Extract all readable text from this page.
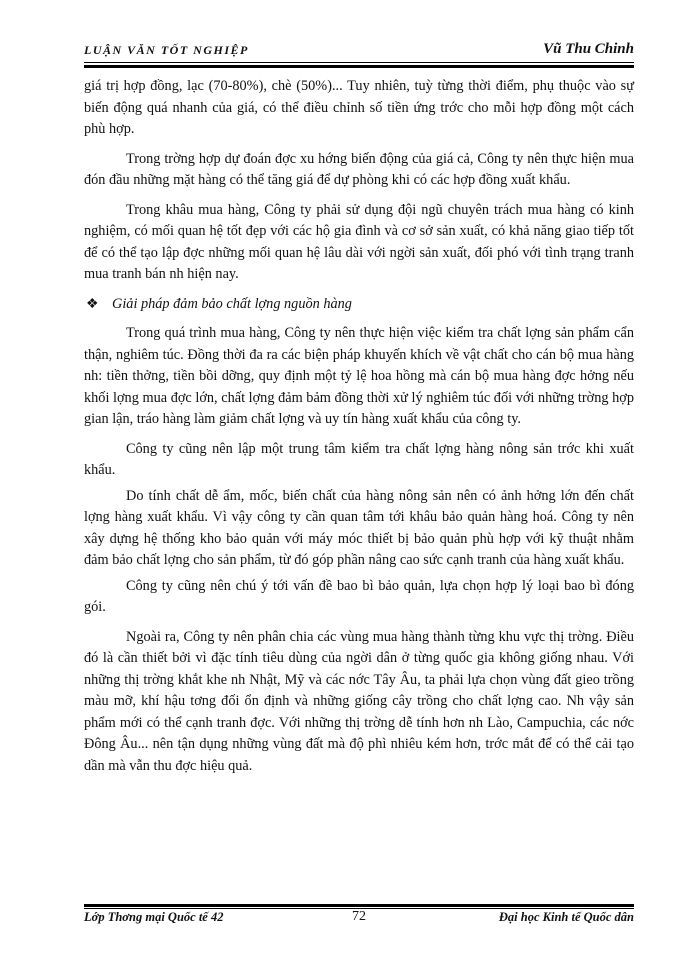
LUẬN VĂN TỐT NGHIỆP	Vũ Thu Chinh

giá trị hợp đồng, lạc (70-80%), chè (50%)... Tuy nhiên, tuỳ từng thời điểm, phụ thuộc vào sự biến động quá nhanh của giá, có thể điều chỉnh số tiền ứng trớc cho mỗi hợp đồng một cách phù hợp.

Trong trờng hợp dự đoán đợc xu hớng biến động của giá cả, Công ty nên thực hiện mua đón đầu những mặt hàng có thể tăng giá để dự phòng khi có các hợp đồng xuất khẩu.

Trong khâu mua hàng, Công ty phải sử dụng đội ngũ chuyên trách mua hàng có kinh nghiệm, có mối quan hệ tốt đẹp với các hộ gia đình và cơ sở sản xuất, có khả năng giao tiếp tốt để có thể tạo lập đợc những mối quan hệ lâu dài với ngời sản xuất, đối phó với tình trạng tranh mua tranh bán nh hiện nay.

❖ Giải pháp đảm bảo chất lợng nguồn hàng

Trong quá trình mua hàng, Công ty nên thực hiện việc kiểm tra chất lợng sản phẩm cẩn thận, nghiêm túc. Đồng thời đa ra các biện pháp khuyến khích về vật chất cho cán bộ mua hàng nh: tiền thởng, tiền bồi dỡng, quy định một tỷ lệ hoa hồng mà cán bộ mua hàng đợc hởng nếu khối lợng mua đợc lớn, chất lợng đảm bảm đồng thời xử lý nghiêm túc đối với những trờng hợp gian lận, tráo hàng làm giảm chất lợng và uy tín hàng xuất khẩu của công ty.

Công ty cũng nên lập một trung tâm kiểm tra chất lợng hàng nông sản trớc khi xuất khẩu.

Do tính chất dễ ẩm, mốc, biến chất của hàng nông sản nên có ảnh hởng lớn đến chất lợng hàng xuất khẩu. Vì vậy công ty cần quan tâm tới khâu bảo quản hàng hoá. Công ty nên xây dựng hệ thống kho bảo quản với máy móc thiết bị bảo quản phù hợp với kỹ thuật nhằm đảm bảo chất lợng cho sản phẩm, từ đó góp phần nâng cao sức cạnh tranh của hàng xuất khẩu.

Công ty cũng nên chú ý tới vấn đề bao bì bảo quản, lựa chọn hợp lý loại bao bì đóng gói.

Ngoài ra, Công ty nên phân chia các vùng mua hàng thành từng khu vực thị trờng. Điều đó là cần thiết bởi vì đặc tính tiêu dùng của ngời dân ở từng quốc gia không giống nhau. Với những thị trờng khắt khe nh Nhật, Mỹ và các nớc Tây Âu, ta phải lựa chọn vùng đất gieo trồng màu mỡ, khí hậu tơng đối ổn định và những giống cây trồng cho chất lợng cao. Nh vậy sản phẩm mới có thể cạnh tranh đợc. Với những thị trờng dễ tính hơn nh Lào, Campuchia, các nớc Đông Âu... nên tận dụng những vùng đất mà độ phì nhiêu kém hơn, trớc mắt để có thể cải tạo dần mà vẫn thu đợc hiệu quả.

Lớp Thơng mại Quốc tế 42	72	Đại học Kinh tế Quốc dân
